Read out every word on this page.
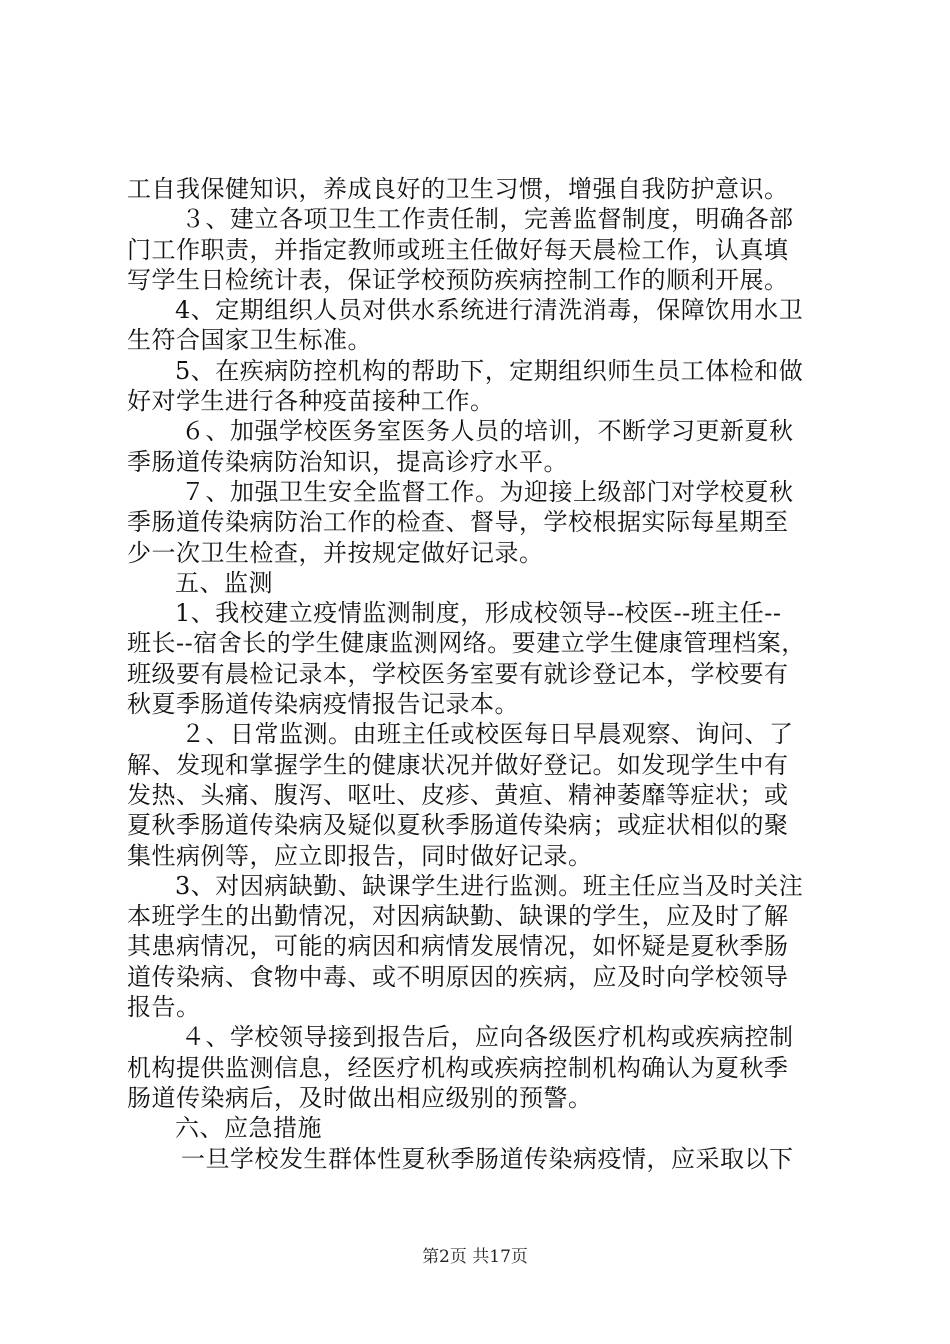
工自我保健知识，养成良好的卫生习惯，增强自我防护意识。
３、建立各项卫生工作责任制，完善监督制度，明确各部
门工作职责，并指定教师或班主任做好每天晨检工作，认真填
写学生日检统计表，保证学校预防疾病控制工作的顺利开展。
4、定期组织人员对供水系统进行清洗消毒，保障饮用水卫
生符合国家卫生标准。
5、在疾病防控机构的帮助下，定期组织师生员工体检和做
好对学生进行各种疫苗接种工作。
６、加强学校医务室医务人员的培训，不断学习更新夏秋
季肠道传染病防治知识，提高诊疗水平。
７、加强卫生安全监督工作。为迎接上级部门对学校夏秋
季肠道传染病防治工作的检查、督导，学校根据实际每星期至
少一次卫生检查，并按规定做好记录。
五、监测
1、我校建立疫情监测制度，形成校领导--校医--班主任--
班长--宿舍长的学生健康监测网络。要建立学生健康管理档案，
班级要有晨检记录本，学校医务室要有就诊登记本，学校要有
秋夏季肠道传染病疫情报告记录本。
２、日常监测。由班主任或校医每日早晨观察、询问、了
解、发现和掌握学生的健康状况并做好登记。如发现学生中有
发热、头痛、腹泻、呕吐、皮疹、黄疸、精神萎靡等症状；或
夏秋季肠道传染病及疑似夏秋季肠道传染病；或症状相似的聚
集性病例等，应立即报告，同时做好记录。
3、对因病缺勤、缺课学生进行监测。班主任应当及时关注
本班学生的出勤情况，对因病缺勤、缺课的学生，应及时了解
其患病情况，可能的病因和病情发展情况，如怀疑是夏秋季肠
道传染病、食物中毒、或不明原因的疾病，应及时向学校领导
报告。
４、学校领导接到报告后，应向各级医疗机构或疾病控制
机构提供监测信息，经医疗机构或疾病控制机构确认为夏秋季
肠道传染病后，及时做出相应级别的预警。
六、应急措施
一旦学校发生群体性夏秋季肠道传染病疫情，应采取以下
第2页 共17页
